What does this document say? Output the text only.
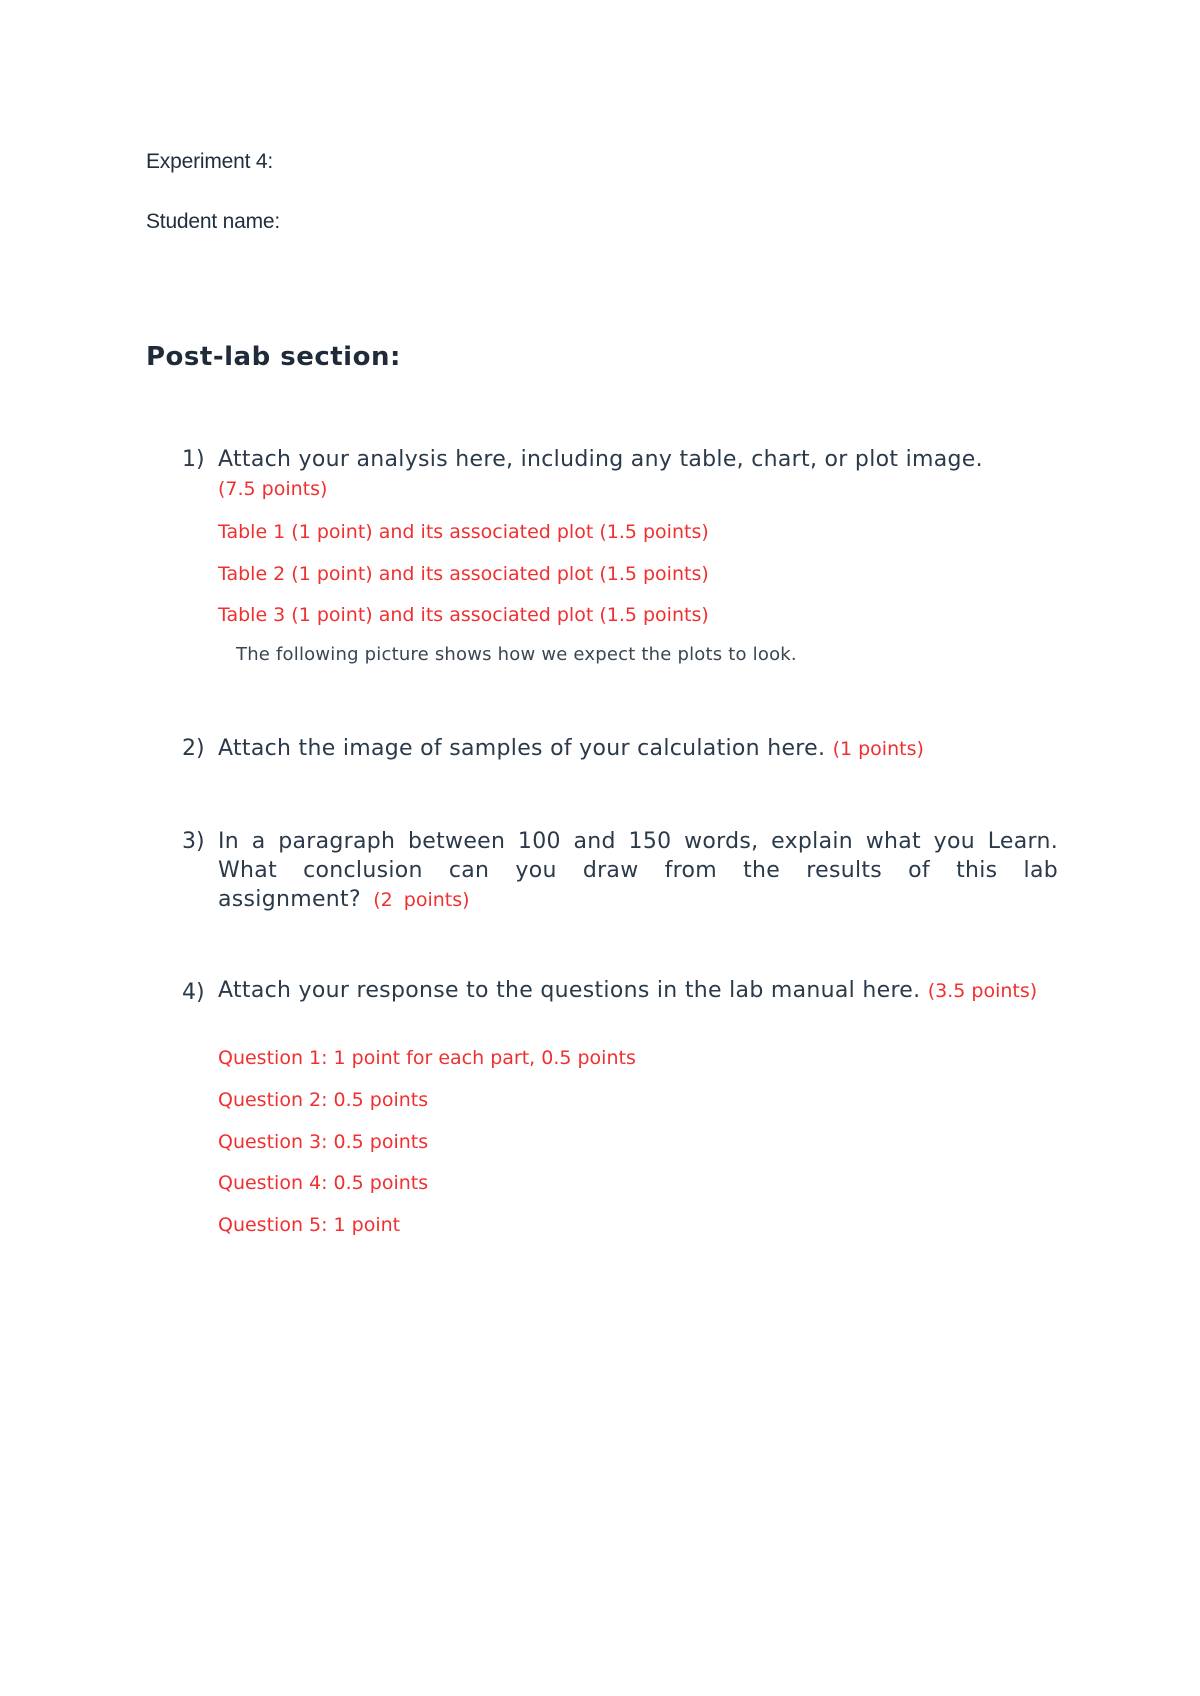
Experiment 4:
Student name:
Post-lab section:
1) Attach your analysis here, including any table, chart, or plot image.
(7.5 points)
Table 1 (1 point) and its associated plot (1.5 points)
Table 2 (1 point) and its associated plot (1.5 points)
Table 3 (1 point) and its associated plot (1.5 points)
The following picture shows how we expect the plots to look.
2) Attach the image of samples of your calculation here. (1 points)
3) In a paragraph between 100 and 150 words, explain what you Learn. What conclusion can you draw from the results of this lab assignment? (2 points)
4) Attach your response to the questions in the lab manual here. (3.5 points)
Question 1: 1 point for each part, 0.5 points
Question 2: 0.5 points
Question 3: 0.5 points
Question 4: 0.5 points
Question 5: 1 point
